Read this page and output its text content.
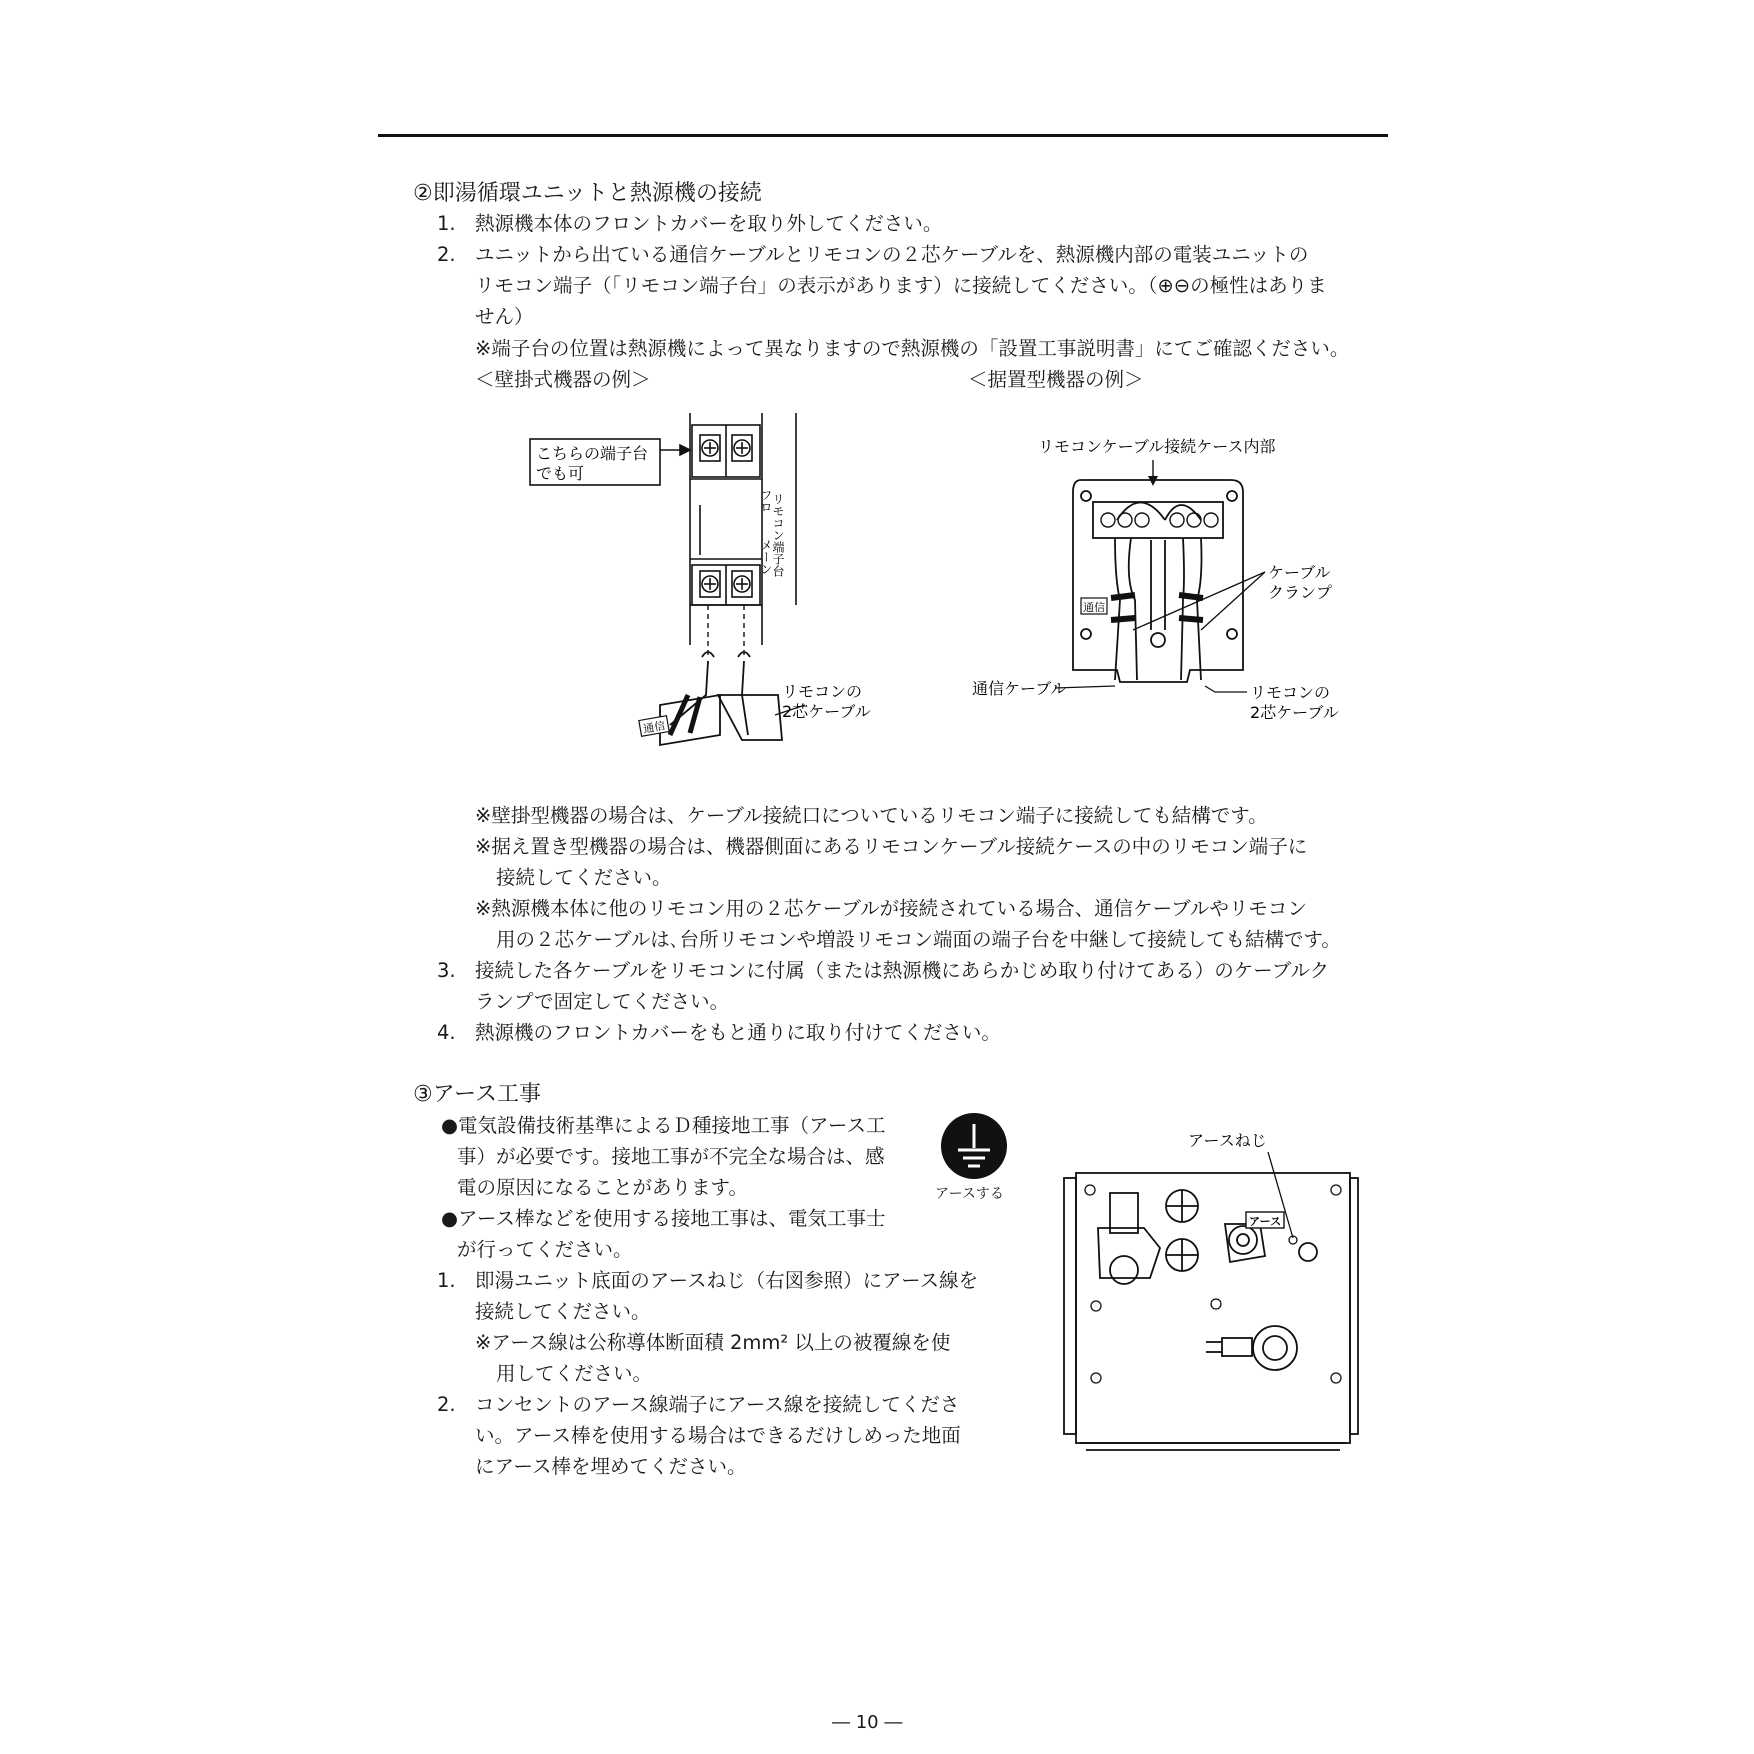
②即湯循環ユニットと熱源機の接続
1. 熱源機本体のフロントカバーを取り外してください。
2. ユニットから出ている通信ケーブルとリモコンの２芯ケーブルを、熱源機内部の電装ユニットの
リモコン端子（「リモコン端子台」の表示があります）に接続してください。（⊕⊖の極性はありま
せん）
※端子台の位置は熱源機によって異なりますので熱源機の「設置工事説明書」にてご確認ください。
＜壁掛式機器の例＞	＜据置型機器の例＞
通信
こちらの端子台
でも可
リモコン端子台
フロ
メーン
リモコンの
2芯ケーブル
リモコンケーブル接続ケース内部
通信
ケーブル
クランプ
通信ケーブル	リモコンの
2芯ケーブル
※壁掛型機器の場合は、ケーブル接続口についているリモコン端子に接続しても結構です。
※据え置き型機器の場合は、機器側面にあるリモコンケーブル接続ケースの中のリモコン端子に
接続してください。
※熱源機本体に他のリモコン用の２芯ケーブルが接続されている場合、通信ケーブルやリモコン
用の２芯ケーブルは､台所リモコンや増設リモコン端面の端子台を中継して接続しても結構です。
3. 接続した各ケーブルをリモコンに付属（または熱源機にあらかじめ取り付けてある）のケーブルク
ランプで固定してください。
4. 熱源機のフロントカバーをもと通りに取り付けてください。
③アース工事
●電気設備技術基準によるＤ種接地工事（アース工
事）が必要です。接地工事が不完全な場合は、感
電の原因になることがあります。
●アース棒などを使用する接地工事は、電気工事士
が行ってください。
1. 即湯ユニット底面のアースねじ（右図参照）にアース線を
接続してください。
※アース線は公称導体断面積 2mm² 以上の被覆線を使
用してください。
2. コンセントのアース線端子にアース線を接続してくださ
い。アース棒を使用する場合はできるだけしめった地面
にアース棒を埋めてください。
アースする
アースねじ
アース
― 10 ―
